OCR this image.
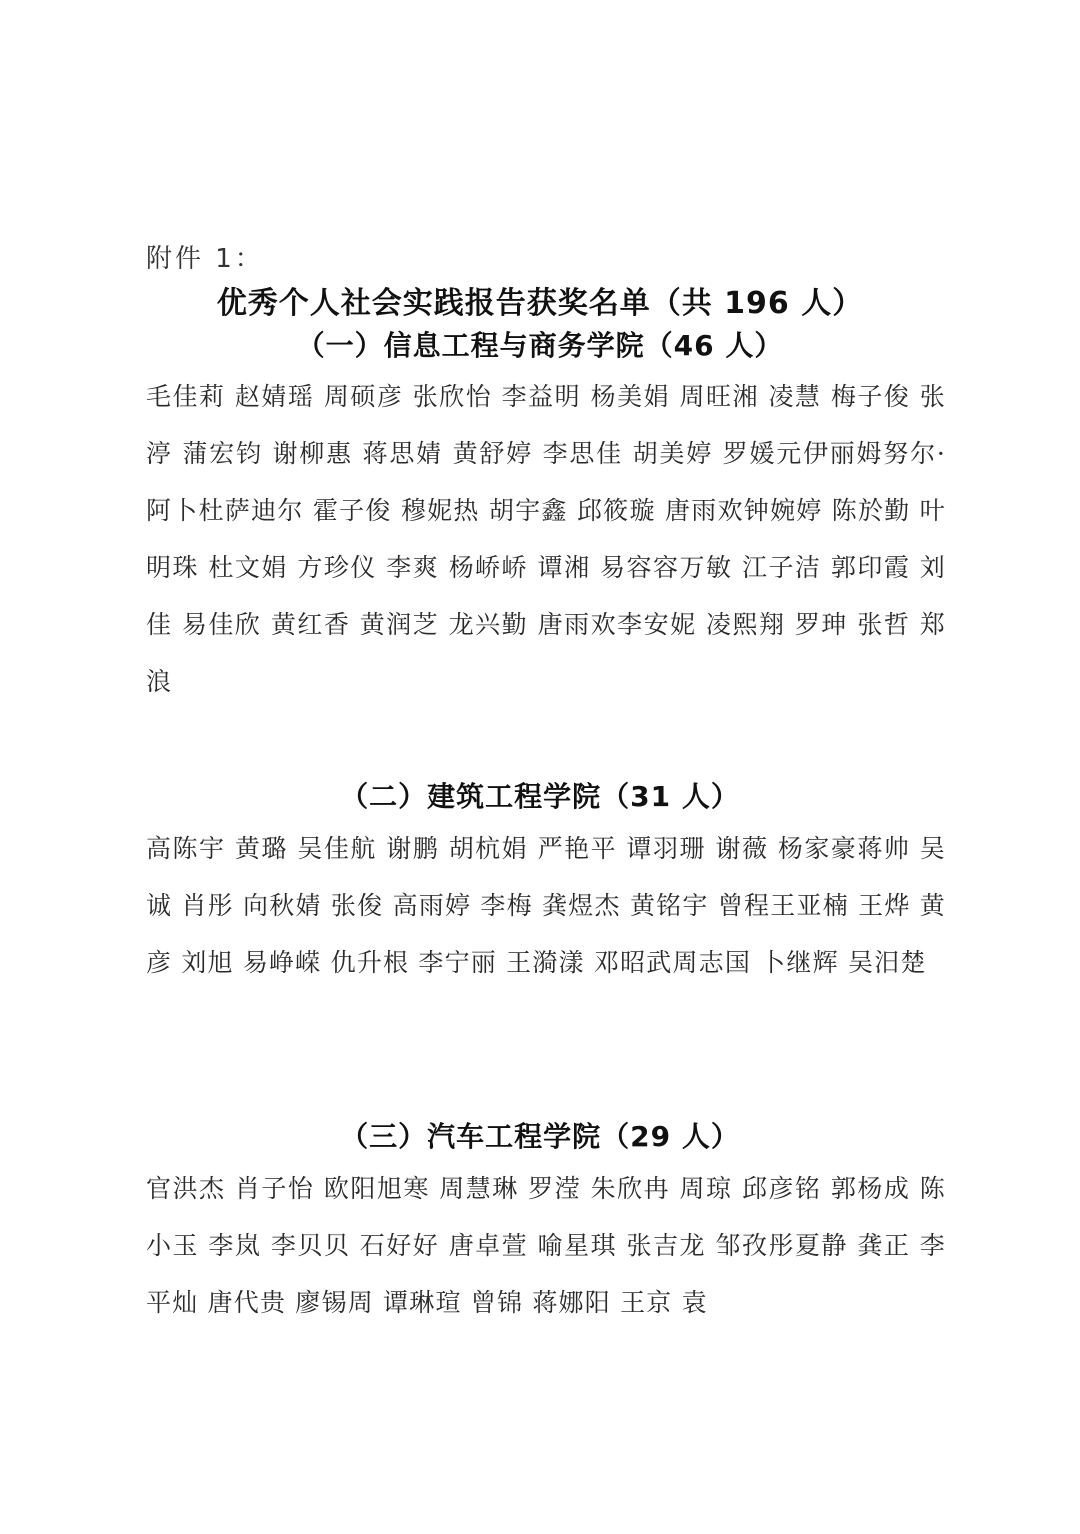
附件 1：
优秀个人社会实践报告获奖名单（共 196 人）
（一）信息工程与商务学院（46 人）
毛佳莉 赵婧瑶 周硕彦 张欣怡 李益明 杨美娟 周旺湘 凌慧 梅子俊 张渟 蒲宏钧 谢柳惠 蒋思婧 黄舒婷 李思佳 胡美婷 罗媛元伊丽姆努尔·阿卜杜萨迪尔 霍子俊 穆妮热 胡宇鑫 邱筱璇 唐雨欢钟婉婷 陈於勤 叶明珠 杜文娟 方珍仪 李爽 杨峤峤 谭湘 易容容万敏 江子洁 郭印霞 刘佳 易佳欣 黄红香 黄润芝 龙兴勤 唐雨欢李安妮 凌熙翔 罗珅 张哲 郑浪
（二）建筑工程学院（31 人）
高陈宇 黄璐 吴佳航 谢鹏 胡杭娟 严艳平 谭羽珊 谢薇 杨家豪蒋帅 吴诚 肖彤 向秋婧 张俊 高雨婷 李梅 龚煜杰 黄铭宇 曾程王亚楠 王烨 黄彦 刘旭 易峥嵘 仇升根 李宁丽 王漪漾 邓昭武周志国 卜继辉 吴汨楚
（三）汽车工程学院（29 人）
官洪杰 肖子怡 欧阳旭寒 周慧琳 罗滢 朱欣冉 周琼 邱彦铭 郭杨成 陈小玉 李岚 李贝贝 石好好 唐卓萱 喻星琪 张吉龙 邹孜彤夏静 龚正 李平灿 唐代贵 廖锡周 谭琳瑄 曾锦 蒋娜阳 王京 袁
